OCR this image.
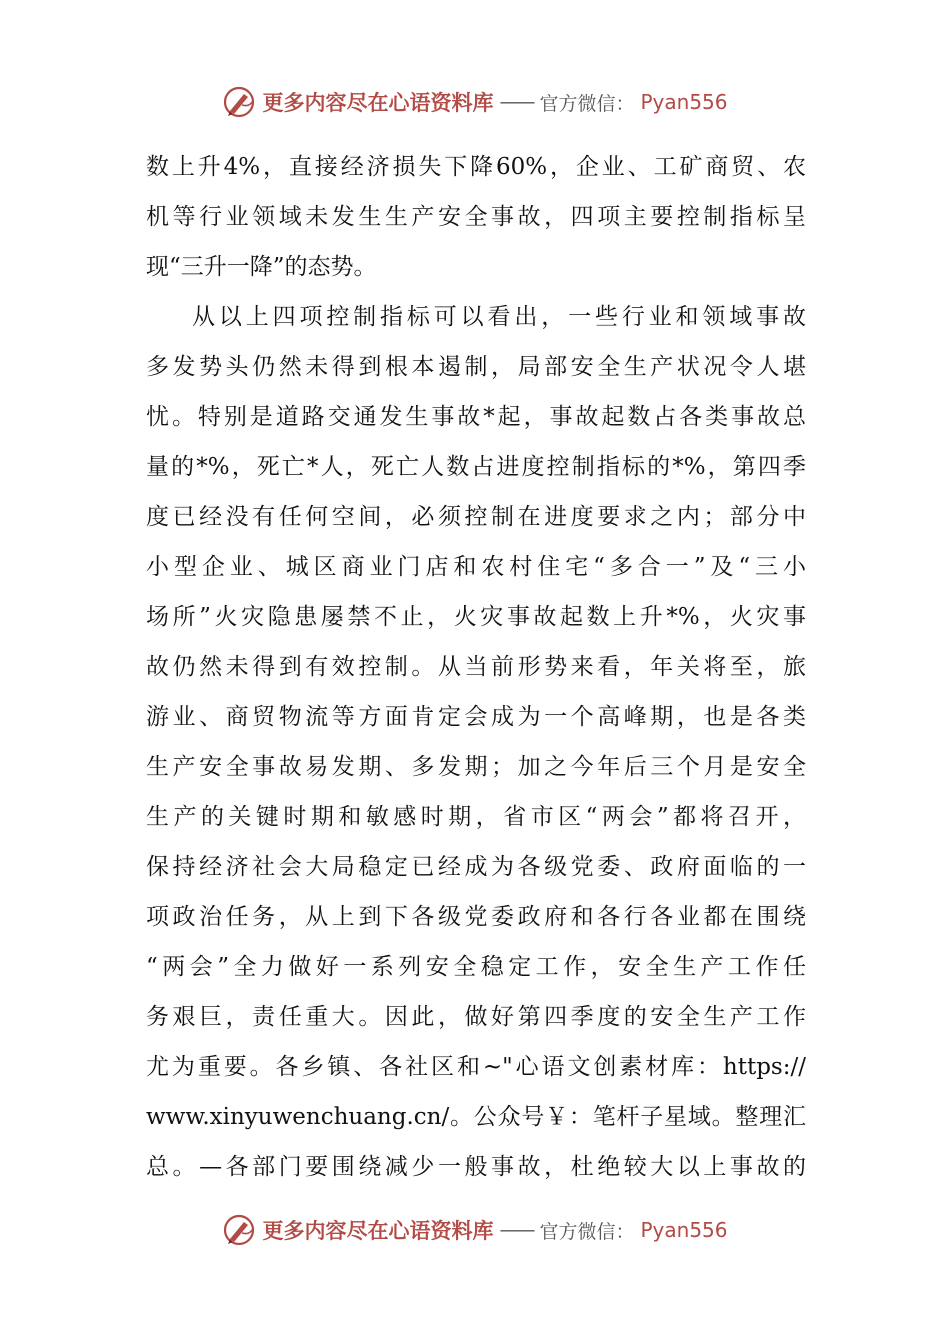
更多内容尽在心语资料库 —— 官方微信： Pyan556
数上升4%，直接经济损失下降60%，企业、工矿商贸、农
机等行业领域未发生生产安全事故，四项主要控制指标呈
现“三升一降”的态势。
从以上四项控制指标可以看出，一些行业和领域事故
多发势头仍然未得到根本遏制，局部安全生产状况令人堪
忧。特别是道路交通发生事故*起，事故起数占各类事故总
量的*%，死亡*人，死亡人数占进度控制指标的*%，第四季
度已经没有任何空间，必须控制在进度要求之内；部分中
小型企业、城区商业门店和农村住宅“多合一”及“三小
场所”火灾隐患屡禁不止，火灾事故起数上升*%，火灾事
故仍然未得到有效控制。从当前形势来看，年关将至，旅
游业、商贸物流等方面肯定会成为一个高峰期，也是各类
生产安全事故易发期、多发期；加之今年后三个月是安全
生产的关键时期和敏感时期，省市区“两会”都将召开，
保持经济社会大局稳定已经成为各级党委、政府面临的一
项政治任务，从上到下各级党委政府和各行各业都在围绕
“两会”全力做好一系列安全稳定工作，安全生产工作任
务艰巨，责任重大。因此，做好第四季度的安全生产工作
尤为重要。各乡镇、各社区和~"心语文创素材库：https://
www.xinyuwenchuang.cn/。公众号￥：笔杆子星域。整理汇
总。—各部门要围绕减少一般事故，杜绝较大以上事故的
更多内容尽在心语资料库 —— 官方微信： Pyan556
